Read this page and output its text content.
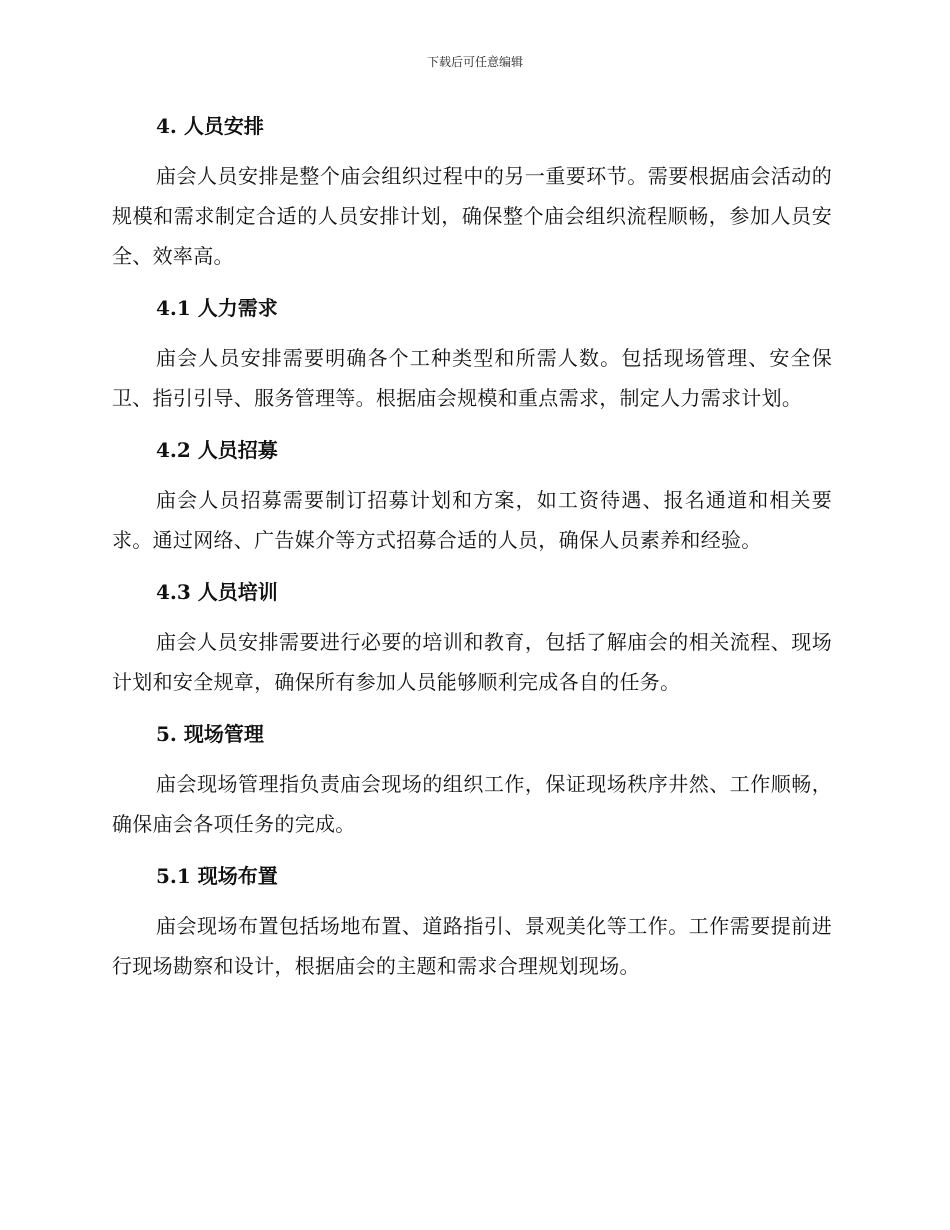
下载后可任意编辑
4. 人员安排

庙会人员安排是整个庙会组织过程中的另一重要环节。需要根据庙会活动的规模和需求制定合适的人员安排计划，确保整个庙会组织流程顺畅，参加人员安全、效率高。

4.1 人力需求

庙会人员安排需要明确各个工种类型和所需人数。包括现场管理、安全保卫、指引引导、服务管理等。根据庙会规模和重点需求，制定人力需求计划。

4.2 人员招募

庙会人员招募需要制订招募计划和方案，如工资待遇、报名通道和相关要求。通过网络、广告媒介等方式招募合适的人员，确保人员素养和经验。

4.3 人员培训

庙会人员安排需要进行必要的培训和教育，包括了解庙会的相关流程、现场计划和安全规章，确保所有参加人员能够顺利完成各自的任务。

5. 现场管理

庙会现场管理指负责庙会现场的组织工作，保证现场秩序井然、工作顺畅，确保庙会各项任务的完成。

5.1 现场布置

庙会现场布置包括场地布置、道路指引、景观美化等工作。工作需要提前进行现场勘察和设计，根据庙会的主题和需求合理规划现场。
